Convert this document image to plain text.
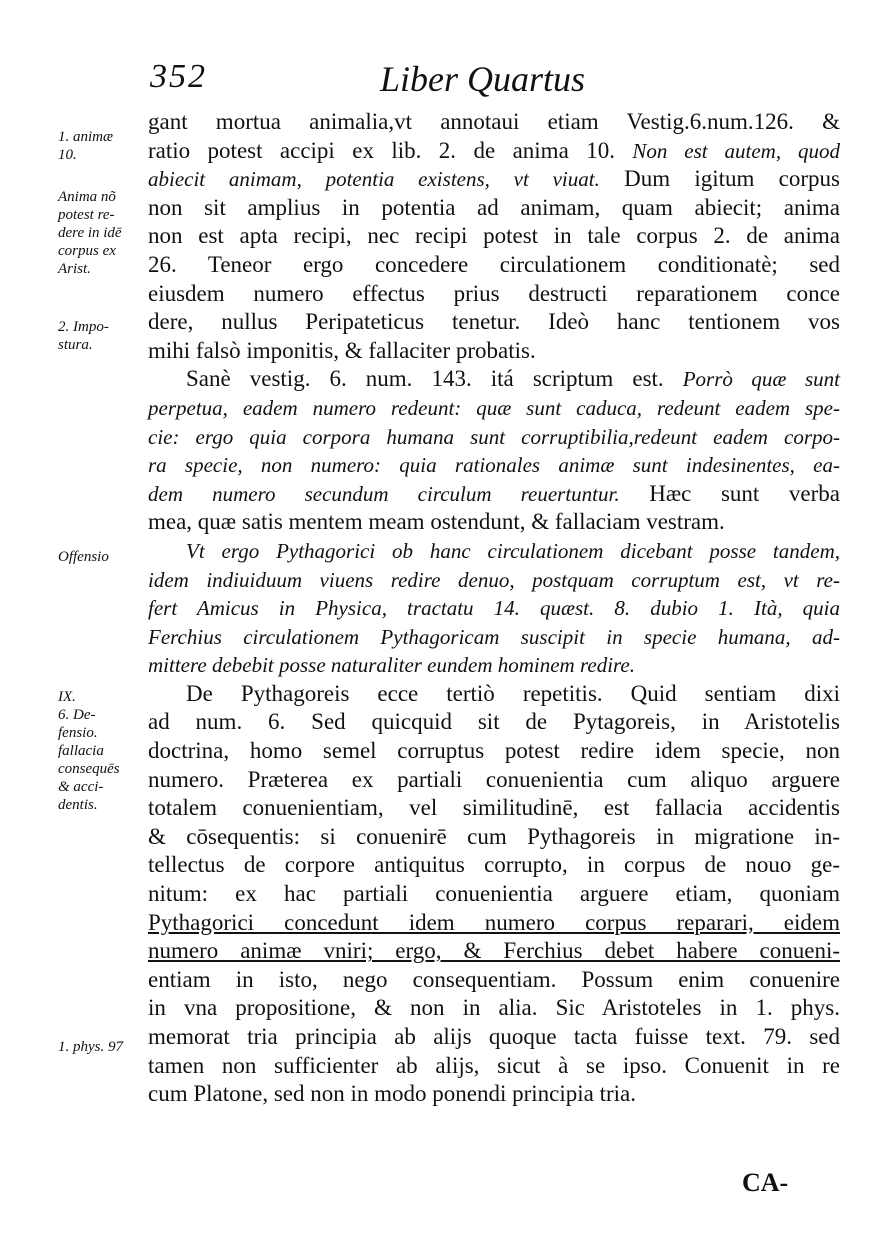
352	Liber Quartus
1. animæ
10.
Anima nõ
potest re-
dere in idē
corpus ex
Arist.
2. Impo-
stura.
Offensio
IX.
6. De-
fensio.
fallacia
consequēs
& acci-
dentis.
1. phys. 97
gant mortua animalia,vt annotaui etiam Vestig.6.num.126. &
ratio potest accipi ex lib. 2. de anima 10. Non est autem, quod
abiecit animam, potentia existens, vt viuat. Dum igitum corpus
non sit amplius in potentia ad animam, quam abiecit; anima
non est apta recipi, nec recipi potest in tale corpus 2. de anima
26. Teneor ergo concedere circulationem conditionatè; sed
eiusdem numero effectus prius destructi reparationem conce
dere, nullus Peripateticus tenetur. Ideò hanc tentionem vos
mihi falsò imponitis, & fallaciter probatis.
Sanè vestig. 6. num. 143. itá scriptum est. Porrò quæ sunt
perpetua, eadem numero redeunt: quæ sunt caduca, redeunt eadem spe-
cie: ergo quia corpora humana sunt corruptibilia,redeunt eadem corpo-
ra specie, non numero: quia rationales animæ sunt indesinentes, ea-
dem numero secundum circulum reuertuntur. Hæc sunt verba
mea, quæ satis mentem meam ostendunt, & fallaciam vestram.
Vt ergo Pythagorici ob hanc circulationem dicebant posse tandem,
idem indiuiduum viuens redire denuo, postquam corruptum est, vt re-
fert Amicus in Physica, tractatu 14. quæst. 8. dubio 1. Ità, quia
Ferchius circulationem Pythagoricam suscipit in specie humana, ad-
mittere debebit posse naturaliter eundem hominem redire.
De Pythagoreis ecce tertiò repetitis. Quid sentiam dixi
ad num. 6. Sed quicquid sit de Pytagoreis, in Aristotelis
doctrina, homo semel corruptus potest redire idem specie, non
numero. Præterea ex partiali conuenientia cum aliquo arguere
totalem conuenientiam, vel similitudinē, est fallacia accidentis
& cōsequentis: si conuenirē cum Pythagoreis in migratione in-
tellectus de corpore antiquitus corrupto, in corpus de nouo ge-
nitum: ex hac partiali conuenientia arguere etiam, quoniam
Pythagorici concedunt idem numero corpus reparari, eidem
numero animæ vniri; ergo, & Ferchius debet habere conueni-
entiam in isto, nego consequentiam. Possum enim conuenire
in vna propositione, & non in alia. Sic Aristoteles in 1. phys.
memorat tria principia ab alijs quoque tacta fuisse text. 79. sed
tamen non sufficienter ab alijs, sicut à se ipso. Conuenit in re
cum Platone, sed non in modo ponendi principia tria.
CA-
